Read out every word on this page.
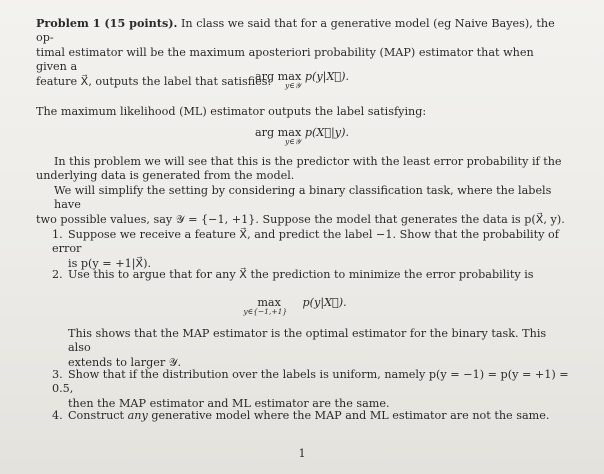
Problem 1 (15 points). In class we said that for a generative model (eg Naive Bayes), the op-
timal estimator will be the maximum aposteriori probability (MAP) estimator that when given a
feature X⃗, outputs the label that satisfies:

arg max
y∈𝒴
p(y|X⃗).

The maximum likelihood (ML) estimator outputs the label satisfying:

arg max
y∈𝒴
p(X⃗|y).

In this problem we will see that this is the predictor with the least error probability if the
underlying data is generated from the model.
We will simplify the setting by considering a binary classification task, where the labels have
two possible values, say 𝒴 = {−1, +1}. Suppose the model that generates the data is p(X⃗, y).

1. Suppose we receive a feature X⃗, and predict the label −1. Show that the probability of error
is p(y = +1|X⃗).

2. Use this to argue that for any X⃗ the prediction to minimize the error probability is

max
y∈{−1,+1}
p(y|X⃗).

This shows that the MAP estimator is the optimal estimator for the binary task. This also
extends to larger 𝒴.

3. Show that if the distribution over the labels is uniform, namely p(y = −1) = p(y = +1) = 0.5,
then the MAP estimator and ML estimator are the same.

4. Construct any generative model where the MAP and ML estimator are not the same.

1
